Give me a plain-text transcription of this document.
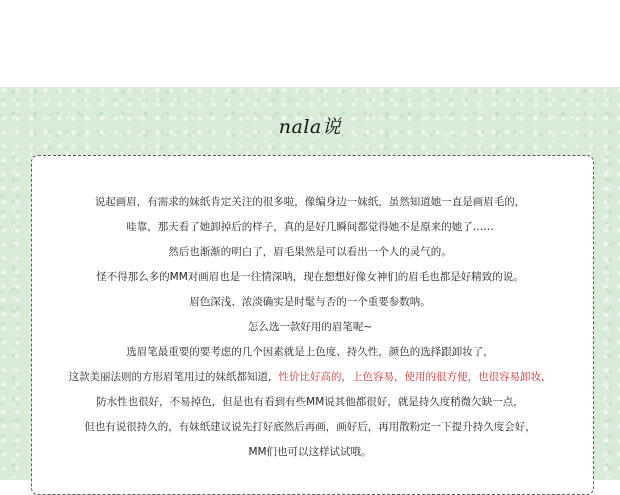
nala说
说起画眉，有需求的妹纸肯定关注的很多啦，像编身边一妹纸，虽然知道她一直是画眉毛的，
哇靠，那天看了她卸掉后的样子，真的是好几瞬间都觉得她不是原来的她了……
然后也渐渐的明白了，眉毛果然是可以看出一个人的灵气的。
怪不得那么多的MM对画眉也是一往情深呐，现在想想好像女神们的眉毛也都是好精致的说。
眉色深浅、浓淡确实是时髦与否的一个重要参数呐。
怎么选一款好用的眉笔呢~
选眉笔最重要的要考虑的几个因素就是上色度、持久性，颜色的选择跟卸妆了，
这款美丽法则的方形眉笔用过的妹纸都知道，性价比好高的，上色容易，使用的很方便，也很容易卸妆，
防水性也很好，不易掉色，但是也有看到有些MM说其他都很好，就是持久度稍微欠缺一点，
但也有说很持久的，有妹纸建议说先打好底然后再画，画好后，再用散粉定一下提升持久度会好，
MM们也可以这样试试哦。
